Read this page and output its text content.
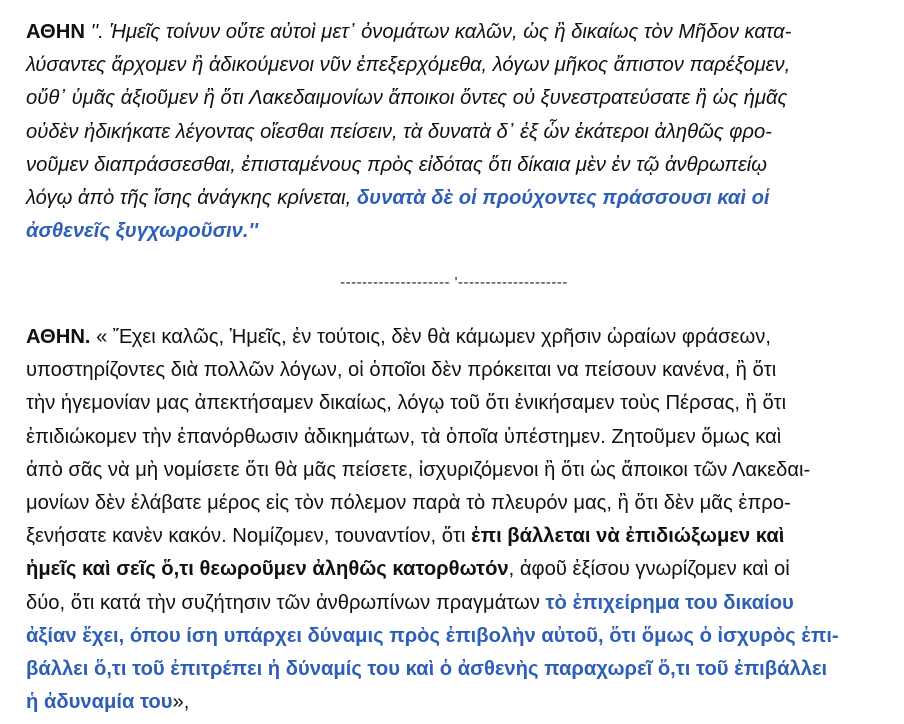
ΑΘΗΝ ''. Ἡμεῖς τοίνυν οὔτε αὐτοὶ μετ᾽ ὀνομάτων καλῶν, ὡς ἢ δικαίως τὸν Μῆδον κατα-
λύσαντες ἄρχομεν ἢ ἀδικούμενοι νῦν ἐπεξερχόμεθα, λόγων μῆκος ἄπιστον παρέξομεν,
οὔθ᾽ ὑμᾶς ἀξιοῦμεν ἢ ὅτι Λακεδαιμονίων ἄποικοι ὄντες οὐ ξυνεστρατεύσατε ἢ ὡς ἡμᾶς
οὐδὲν ἠδικήκατε λέγοντας οἴεσθαι πείσειν, τὰ δυνατὰ δ᾽ ἐξ ὧν ἑκάτεροι ἀληθῶς φρο-
νοῦμεν διαπράσσεσθαι, ἐπισταμένους πρὸς εἰδότας ὅτι δίκαια μὲν ἐν τῷ ἀνθρωπείῳ
λόγῳ ἀπὸ τῆς ἴσης ἀνάγκης κρίνεται, δυνατὰ δὲ οἱ προύχοντες πράσσουσι καὶ οἱ
ἀσθενεῖς ξυγχωροῦσιν.''

-------------------- '--------------------

ΑΘΗΝ. « Ἔχει καλῶς, Ἡμεῖς, ἐν τούτοις, δὲν θὰ κάμωμεν χρῆσιν ὡραίων φράσεων,
υποστηρίζοντες διὰ πολλῶν λόγων, οἱ ὁποῖοι δὲν πρόκειται να πείσουν κανένα, ἢ ὅτι
τὴν ἡγεμονίαν μας ἀπεκτήσαμεν δικαίως, λόγῳ τοῦ ὅτι ἐνικήσαμεν τοὺς Πέρσας, ἢ ὅτι
ἐπιδιώκομεν τὴν ἐπανόρθωσιν ἀδικημάτων, τὰ ὁποῖα ὑπέστημεν. Ζητοῦμεν ὅμως καὶ
ἀπὸ σᾶς νὰ μὴ νομίσετε ὅτι θὰ μᾶς πείσετε, ἰσχυριζόμενοι ἢ ὅτι ὡς ἄποικοι τῶν Λακεδαι-
μονίων δὲν ἐλάβατε μέρος εἰς τὸν πόλεμον παρὰ τὸ πλευρόν μας, ἢ ὅτι δὲν μᾶς ἐπρο-
ξενήσατε κανὲν κακόν. Νομίζομεν, τουναντίον, ὅτι ἐπι βάλλεται νὰ ἐπιδιώξωμεν καὶ
ἡμεῖς καὶ σεῖς ὅ,τι θεωροῦμεν ἀληθῶς κατορθωτόν, ἀφοῦ ἐξίσου γνωρίζομεν καὶ οἱ
δύο, ὅτι κατά τὴν συζήτησιν τῶν ἀνθρωπίνων πραγμάτων τὸ ἐπιχείρημα του δικαίου
ἀξίαν ἔχει, όπου ίση υπάρχει δύναμις πρὸς ἐπιβολὴν αὐτοῦ, ὅτι ὅμως ὁ ἰσχυρὸς ἐπι-
βάλλει ὅ,τι τοῦ ἐπιτρέπει ἡ δύναμίς του καὶ ὁ ἀσθενὴς παραχωρεῖ ὅ,τι τοῦ ἐπιβάλλει
ἡ ἀδυναμία του»,
